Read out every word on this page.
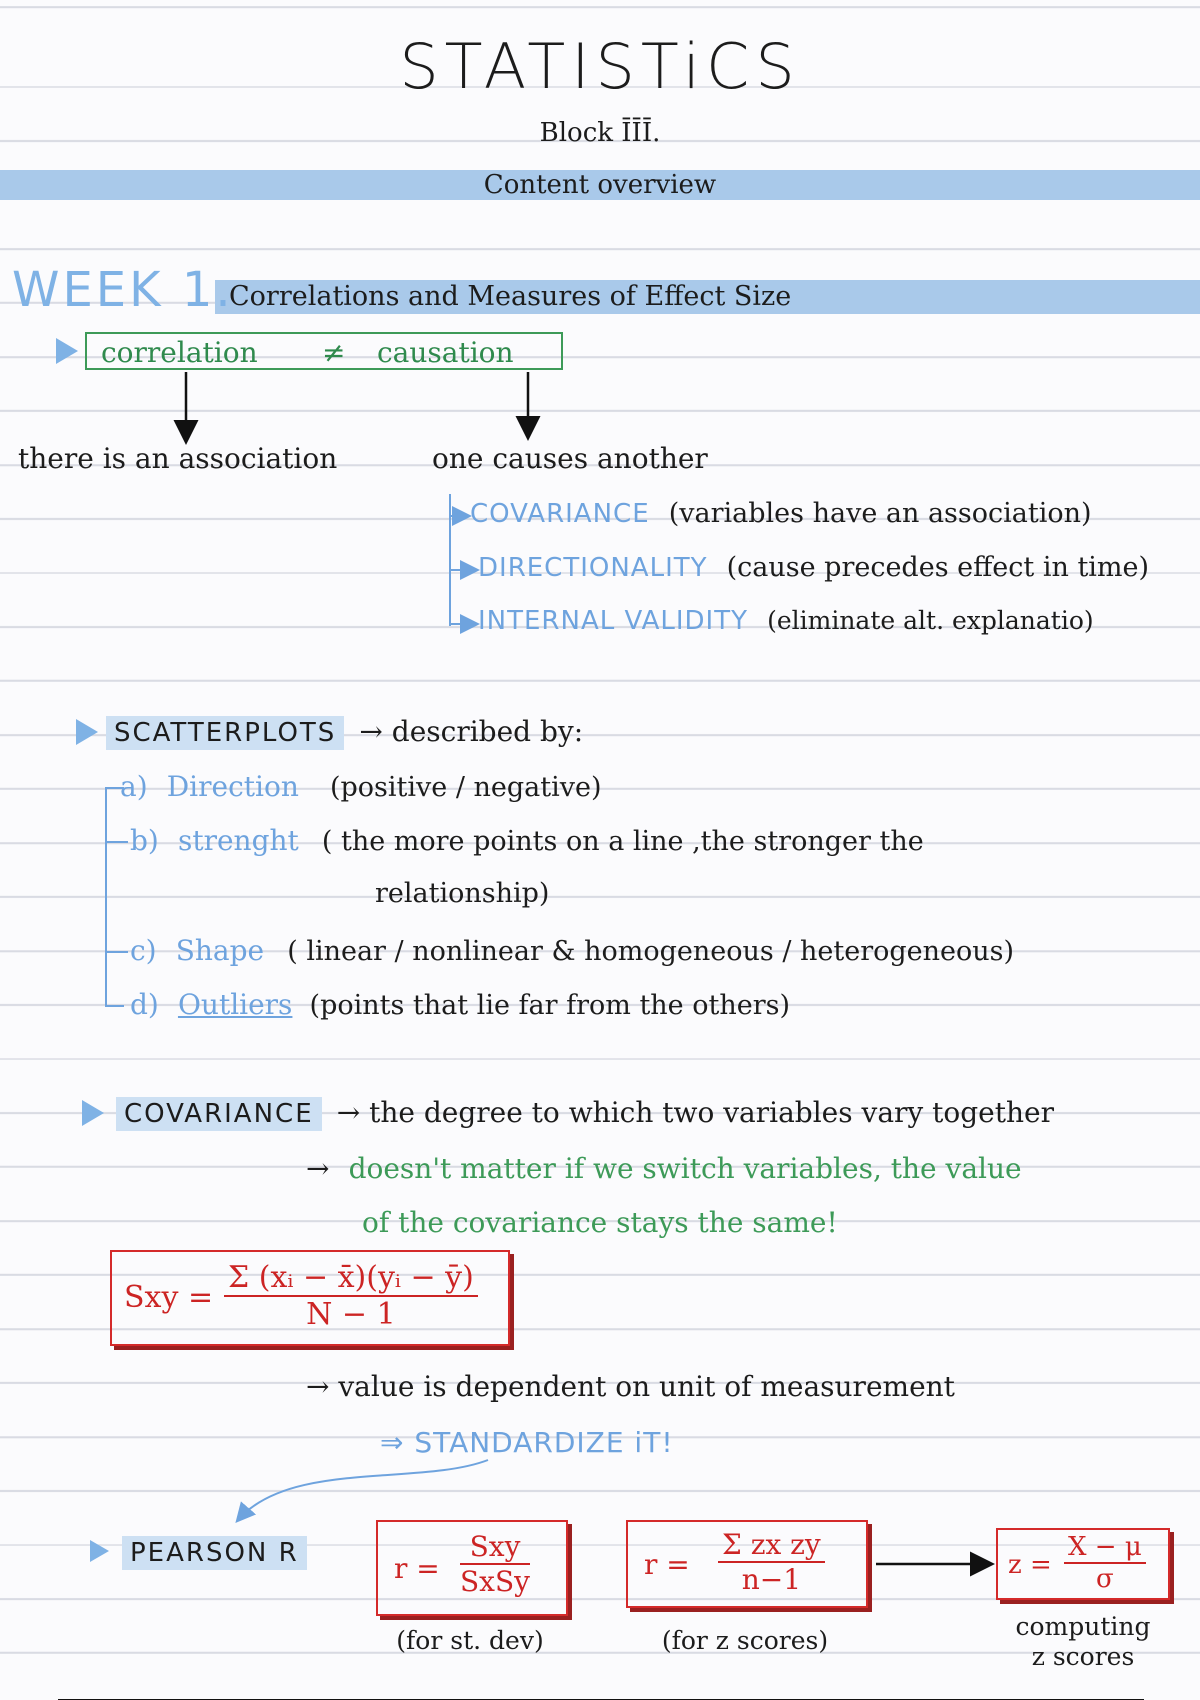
STATISTiCS
Block ĪĪĪ.
Content overview
Correlations and Measures of Effect Size
WEEK 1.
correlation ≠ causation
there is an association	one causes another
COVARIANCE (variables have an association)
DIRECTIONALITY (cause precedes effect in time)
INTERNAL VALIDITY (eliminate alt. explanatio)
SCATTERPLOTS → described by:
a) Direction (positive / negative)
b) strenght ( the more points on a line ,the stronger the
relationship)
c) Shape ( linear / nonlinear & homogeneous / heterogeneous)
d) Outliers (points that lie far from the others)
COVARIANCE → the degree to which two variables vary together
→ doesn't matter if we switch variables, the value
of the covariance stays the same!
Sxy = $\frac{\text{Σ (xᵢ − x̄)(yᵢ − ȳ)}}{N - 1}$
→ value is dependent on unit of measurement
⇒ STANDARDIZE iT!
PEARSON R	r =
Sxy
SxSy
(for st. dev)
$r = \frac{\text{Σ zx zy}}{n-1}$
(for z scores)
$z = \frac{X - \mu}{\sigma}$
computing
z scores
